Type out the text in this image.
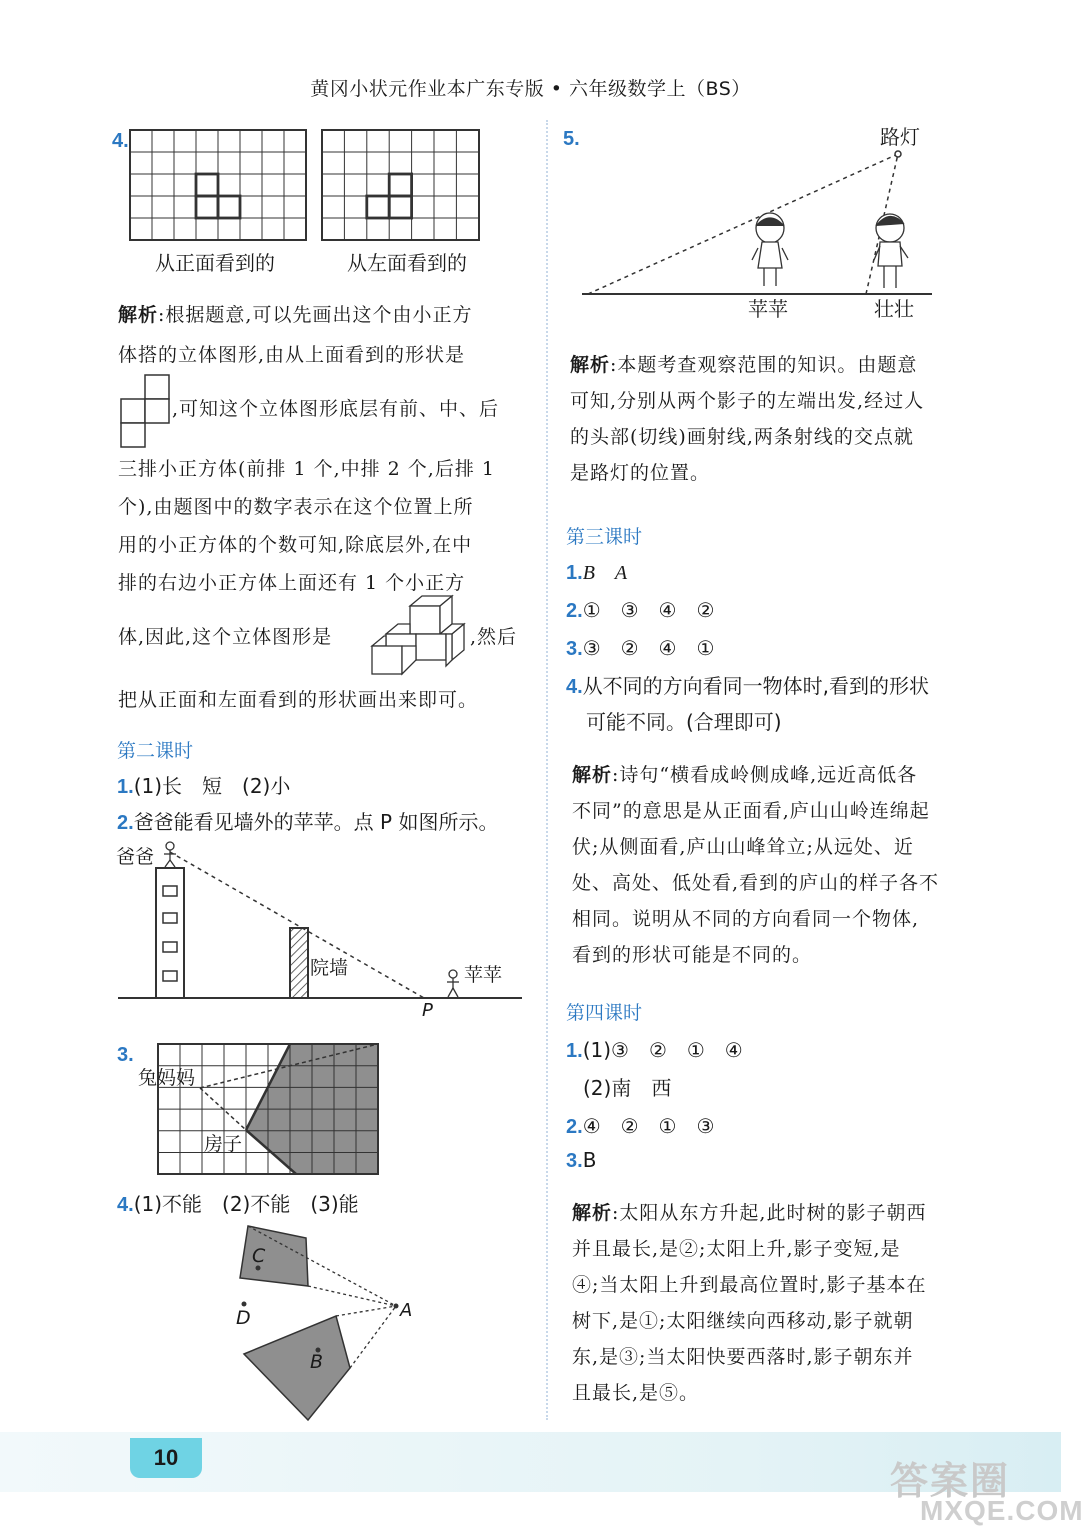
黄冈小状元作业本广东专版 • 六年级数学上（BS）
4.
从正面看到的	从左面看到的
解析:根据题意,可以先画出这个由小正方
体搭的立体图形,由从上面看到的形状是
,可知这个立体图形底层有前、中、后
三排小正方体(前排 1 个,中排 2 个,后排 1
个),由题图中的数字表示在这个位置上所
用的小正方体的个数可知,除底层外,在中
排的右边小正方体上面还有 1 个小正方
体,因此,这个立体图形是	,然后
把从正面和左面看到的形状画出来即可。
第二课时
1.(1)长　短　(2)小
2.爸爸能看见墙外的苹苹。点 P 如图所示。
爸爸
院墙	苹苹
P
3.
兔妈妈
房子
4.(1)不能　(2)不能　(3)能
C
D	A
B
5.	路灯
苹苹	壮壮
解析:本题考查观察范围的知识。由题意
可知,分别从两个影子的左端出发,经过人
的头部(切线)画射线,两条射线的交点就
是路灯的位置。
第三课时
1.B　A
2.①　③　④　②
3.③　②　④　①
4.从不同的方向看同一物体时,看到的形状
可能不同。(合理即可)
解析:诗句“横看成岭侧成峰,远近高低各
不同”的意思是从正面看,庐山山岭连绵起
伏;从侧面看,庐山山峰耸立;从远处、近
处、高处、低处看,看到的庐山的样子各不
相同。说明从不同的方向看同一个物体,
看到的形状可能是不同的。
第四课时
1.(1)③　②　①　④
(2)南　西
2.④　②　①　③
3.B
解析:太阳从东方升起,此时树的影子朝西
并且最长,是②;太阳上升,影子变短,是
④;当太阳上升到最高位置时,影子基本在
树下,是①;太阳继续向西移动,影子就朝
东,是③;当太阳快要西落时,影子朝东并
且最长,是⑤。
10
答案圈
MXQE.COM
